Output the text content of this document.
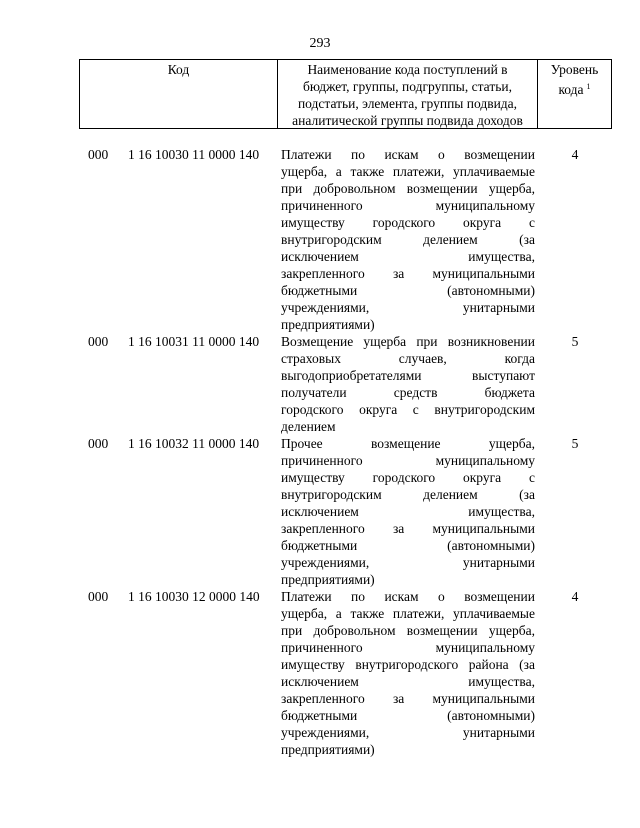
293
Код	Наименование кода поступлений в
бюджет, группы, подгруппы, статьи,
подстатьи, элемента, группы подвида,
аналитической группы подвида доходов
Уровень
кода $^1$
000 1 16 10030 11 0000 140 Платежи по искам о возмещении
ущерба, а также платежи, уплачиваемые
при добровольном возмещении ущерба,
причиненного муниципальному
имуществу городского округа с
внутригородским делением (за
исключением имущества,
закрепленного за муниципальными
бюджетными (автономными)
учреждениями, унитарными
предприятиями)
4
000 1 16 10031 11 0000 140 Возмещение ущерба при возникновении
страховых случаев, когда
выгодоприобретателями выступают
получатели средств бюджета
городского округа с внутригородским
делением
5
000 1 16 10032 11 0000 140 Прочее возмещение ущерба,
причиненного муниципальному
имуществу городского округа с
внутригородским делением (за
исключением имущества,
закрепленного за муниципальными
бюджетными (автономными)
учреждениями, унитарными
предприятиями)
5
000 1 16 10030 12 0000 140 Платежи по искам о возмещении
ущерба, а также платежи, уплачиваемые
при добровольном возмещении ущерба,
причиненного муниципальному
имуществу внутригородского района (за
исключением имущества,
закрепленного за муниципальными
бюджетными (автономными)
учреждениями, унитарными
предприятиями)
4
